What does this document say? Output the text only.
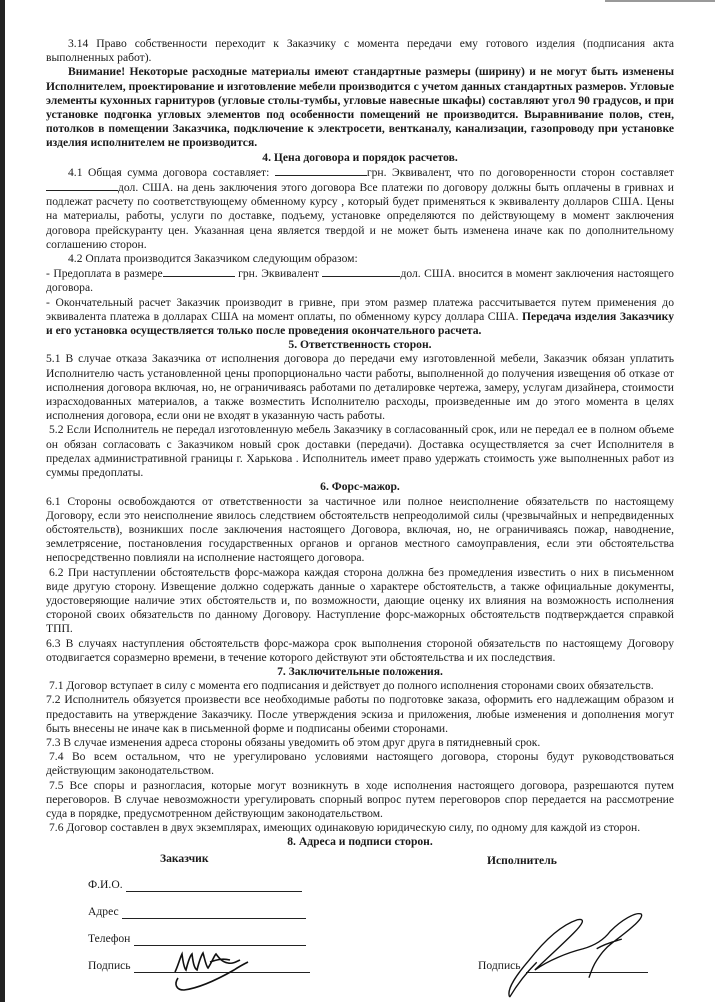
3.14 Право собственности переходит к Заказчику с момента передачи ему готового изделия (подписания акта выполненных работ).

Внимание! Некоторые расходные материалы имеют стандартные размеры (ширину) и не могут быть изменены Исполнителем, проектирование и изготовление мебели производится с учетом данных стандартных размеров. Угловые элементы кухонных гарнитуров (угловые столы-тумбы, угловые навесные шкафы) составляют угол 90 градусов, и при установке подгонка угловых элементов под особенности помещений не производится. Выравнивание полов, стен, потолков в помещении Заказчика, подключение к электросети, вентканалу, канализации, газопроводу при установке изделия исполнителем не производится.

4. Цена договора и порядок расчетов.

4.1 Общая сумма договора составляет:	грн. Эквивалент, что по договоренности сторон составляет дол. США. на день заключения этого договора Все платежи по договору должны быть оплачены в гривнах и подлежат расчету по соответствующему обменному курсу , который будет применяться к эквиваленту долларов США. Цены на материалы, работы, услуги по доставке, подъему, установке определяются по действующему в момент заключения договора прейскуранту цен. Указанная цена является твердой и не может быть изменена иначе как по дополнительному соглашению сторон.

4.2 Оплата производится Заказчиком следующим образом:

- Предоплата в размере	грн. Эквивалент	дол. США. вносится в момент заключения настоящего договора.

- Окончательный расчет Заказчик производит в гривне, при этом размер платежа рассчитывается путем применения до эквивалента платежа в долларах США на момент оплаты, по обменному курсу доллара США. Передача изделия Заказчику и его установка осуществляется только после проведения окончательного расчета.

5. Ответственность сторон.

5.1 В случае отказа Заказчика от исполнения договора до передачи ему изготовленной мебели, Заказчик обязан уплатить Исполнителю часть установленной цены пропорционально части работы, выполненной до получения извещения об отказе от исполнения договора включая, но, не ограничиваясь работами по деталировке чертежа, замеру, услугам дизайнера, стоимости израсходованных материалов, а также возместить Исполнителю расходы, произведенные им до этого момента в целях исполнения договора, если они не входят в указанную часть работы.

5.2 Если Исполнитель не передал изготовленную мебель Заказчику в согласованный срок, или не передал ее в полном объеме он обязан согласовать с Заказчиком новый срок доставки (передачи). Доставка осуществляется за счет Исполнителя в пределах административной границы г. Харькова . Исполнитель имеет право удержать стоимость уже выполненных работ из суммы предоплаты.

6. Форс-мажор.

6.1 Стороны освобождаются от ответственности за частичное или полное неисполнение обязательств по настоящему Договору, если это неисполнение явилось следствием обстоятельств непреодолимой силы (чрезвычайных и непредвиденных обстоятельств), возникших после заключения настоящего Договора, включая, но, не ограничиваясь пожар, наводнение, землетрясение, постановления государственных органов и органов местного самоуправления, если эти обстоятельства непосредственно повлияли на исполнение настоящего договора.

6.2 При наступлении обстоятельств форс-мажора каждая сторона должна без промедления известить о них в письменном виде другую сторону. Извещение должно содержать данные о характере обстоятельств, а также официальные документы, удостоверяющие наличие этих обстоятельств и, по возможности, дающие оценку их влияния на возможность исполнения стороной своих обязательств по данному Договору. Наступление форс-мажорных обстоятельств подтверждается справкой ТПП.

6.3 В случаях наступления обстоятельств форс-мажора срок выполнения стороной обязательств по настоящему Договору отодвигается соразмерно времени, в течение которого действуют эти обстоятельства и их последствия.

7. Заключительные положения.

7.1 Договор вступает в силу с момента его подписания и действует до полного исполнения сторонами своих обязательств.

7.2 Исполнитель обязуется произвести все необходимые работы по подготовке заказа, оформить его надлежащим образом и предоставить на утверждение Заказчику. После утверждения эскиза и приложения, любые изменения и дополнения могут быть внесены не иначе как в письменной форме и подписаны обеими сторонами.

7.3 В случае изменения адреса стороны обязаны уведомить об этом друг друга в пятидневный срок.

7.4 Во всем остальном, что не урегулировано условиями настоящего договора, стороны будут руководствоваться действующим законодательством.

7.5 Все споры и разногласия, которые могут возникнуть в ходе исполнения настоящего договора, разрешаются путем переговоров. В случае невозможности урегулировать спорный вопрос путем переговоров спор передается на рассмотрение суда в порядке, предусмотренном действующим законодательством.

7.6 Договор составлен в двух экземплярах, имеющих одинаковую юридическую силу, по одному для каждой из сторон.

8. Адреса и подписи сторон.

Заказчик	Исполнитель
Ф.И.О.
Адрес
Телефон
Подпись	Подпись
